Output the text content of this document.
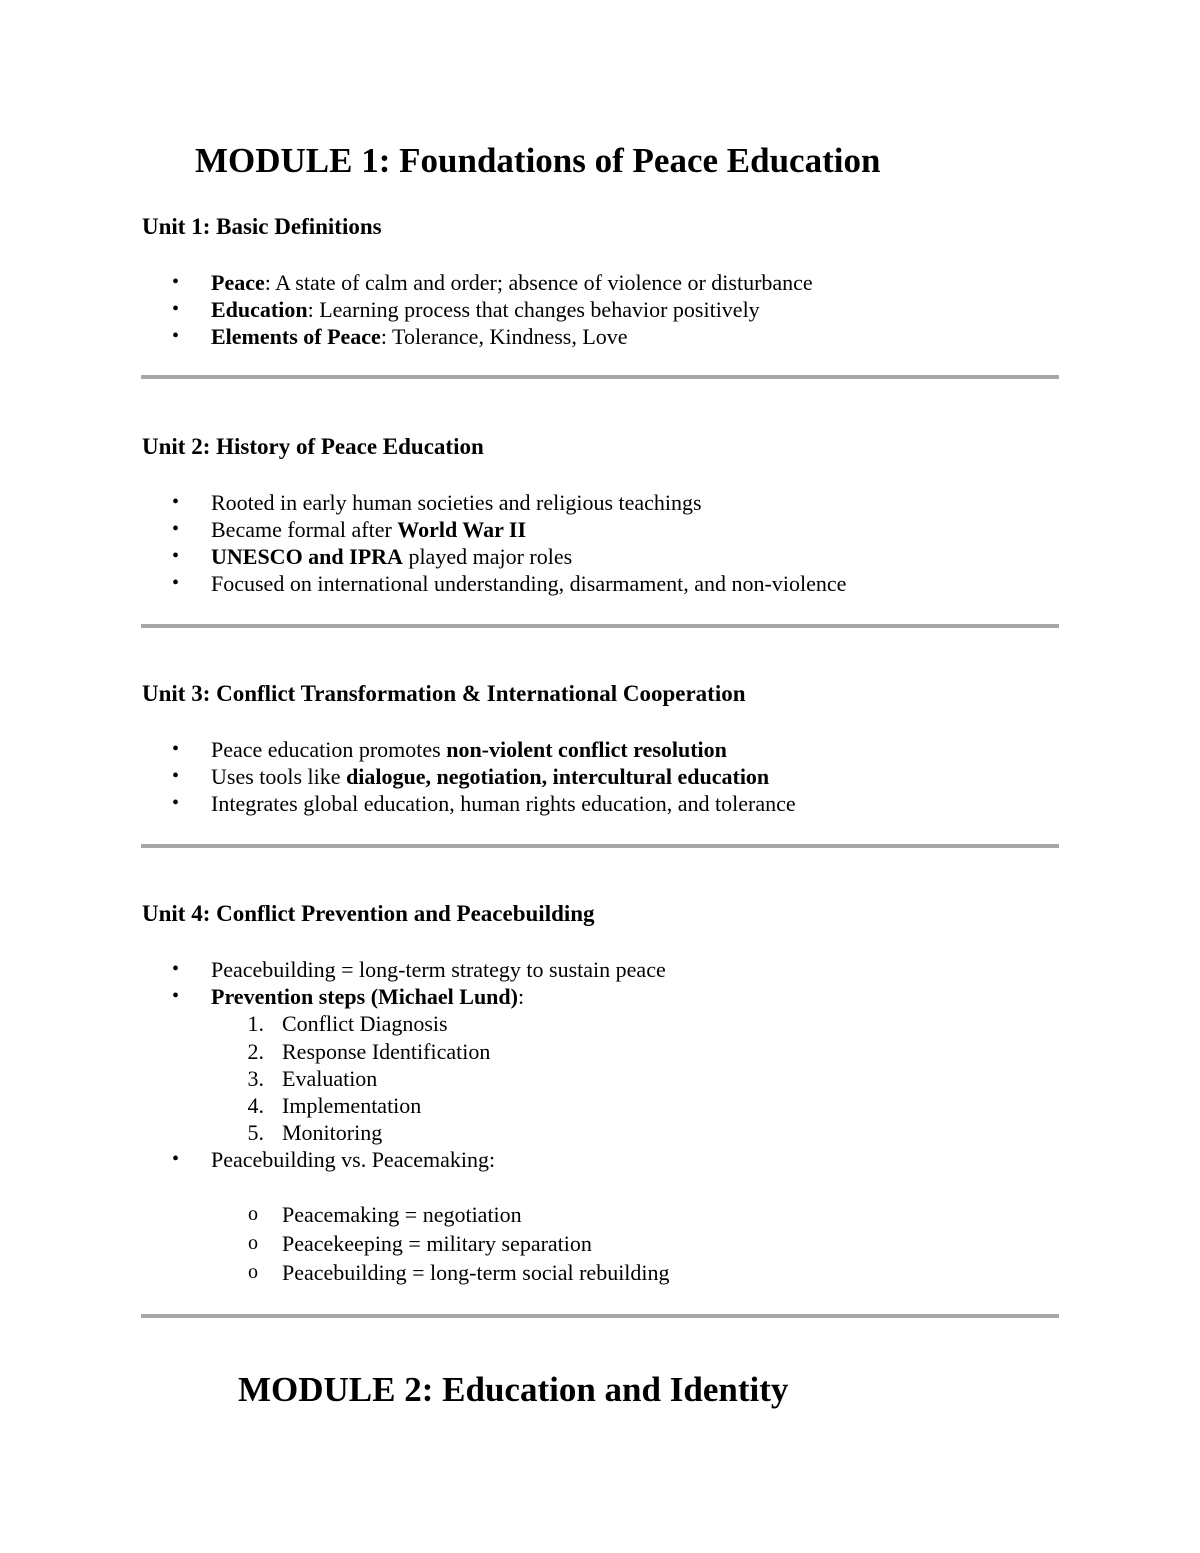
MODULE 1: Foundations of Peace Education
Unit 1: Basic Definitions
•	Peace: A state of calm and order; absence of violence or disturbance
•	Education: Learning process that changes behavior positively
•	Elements of Peace: Tolerance, Kindness, Love
Unit 2: History of Peace Education
•	Rooted in early human societies and religious teachings
•	Became formal after World War II
•	UNESCO and IPRA played major roles
•	Focused on international understanding, disarmament, and non-violence
Unit 3: Conflict Transformation & International Cooperation
•	Peace education promotes non-violent conflict resolution
•	Uses tools like dialogue, negotiation, intercultural education
•	Integrates global education, human rights education, and tolerance
Unit 4: Conflict Prevention and Peacebuilding
•	Peacebuilding = long-term strategy to sustain peace
•	Prevention steps (Michael Lund):
1. Conflict Diagnosis
2. Response Identification
3. Evaluation
4. Implementation
5. Monitoring
•	Peacebuilding vs. Peacemaking:
o Peacemaking = negotiation
o Peacekeeping = military separation
o Peacebuilding = long-term social rebuilding
MODULE 2: Education and Identity
